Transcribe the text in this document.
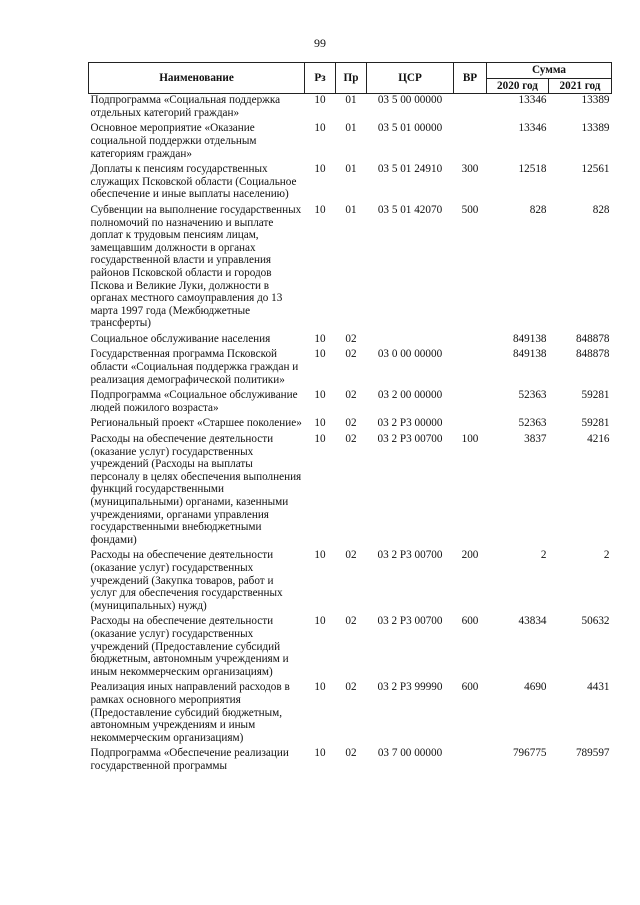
99
Наименование	Рз	Пр	ЦСР	ВР	Сумма	
					2020 год	2021 год
Подпрограмма «Социальная поддержка отдельных категорий граждан»	10	01	03 5 00 00000		13346	13389
Основное мероприятие «Оказание социальной поддержки отдельным категориям граждан»	10	01	03 5 01 00000		13346	13389
Доплаты к пенсиям государственных служащих Псковской области (Социальное обеспечение и иные выплаты населению)	10	01	03 5 01 24910	300	12518	12561
Субвенции на выполнение государственных полномочий по назначению и выплате доплат к трудовым пенсиям лицам, замещавшим должности в органах государственной власти и управления районов Псковской области и городов Пскова и Великие Луки, должности в органах местного самоуправления до 13 марта 1997 года (Межбюджетные трансферты)	10	01	03 5 01 42070	500	828	828
Социальное обслуживание населения	10	02			849138	848878
Государственная программа Псковской области «Социальная поддержка граждан и реализация демографической политики»	10	02	03 0 00 00000		849138	848878
Подпрограмма «Социальное обслуживание людей пожилого возраста»	10	02	03 2 00 00000		52363	59281
Региональный проект «Старшее поколение»	10	02	03 2 P3 00000		52363	59281
Расходы на обеспечение деятельности (оказание услуг) государственных учреждений (Расходы на выплаты персоналу в целях обеспечения выполнения функций государственными (муниципальными) органами, казенными учреждениями, органами управления государственными внебюджетными фондами)	10	02	03 2 P3 00700	100	3837	4216
Расходы на обеспечение деятельности (оказание услуг) государственных учреждений (Закупка товаров, работ и услуг для обеспечения государственных (муниципальных) нужд)	10	02	03 2 P3 00700	200	2	2
Расходы на обеспечение деятельности (оказание услуг) государственных учреждений (Предоставление субсидий бюджетным, автономным учреждениям и иным некоммерческим организациям)	10	02	03 2 P3 00700	600	43834	50632
Реализация иных направлений расходов в рамках основного мероприятия (Предоставление субсидий бюджетным, автономным учреждениям и иным некоммерческим организациям)	10	02	03 2 P3 99990	600	4690	4431
Подпрограмма «Обеспечение реализации государственной программы	10	02	03 7 00 00000		796775	789597
